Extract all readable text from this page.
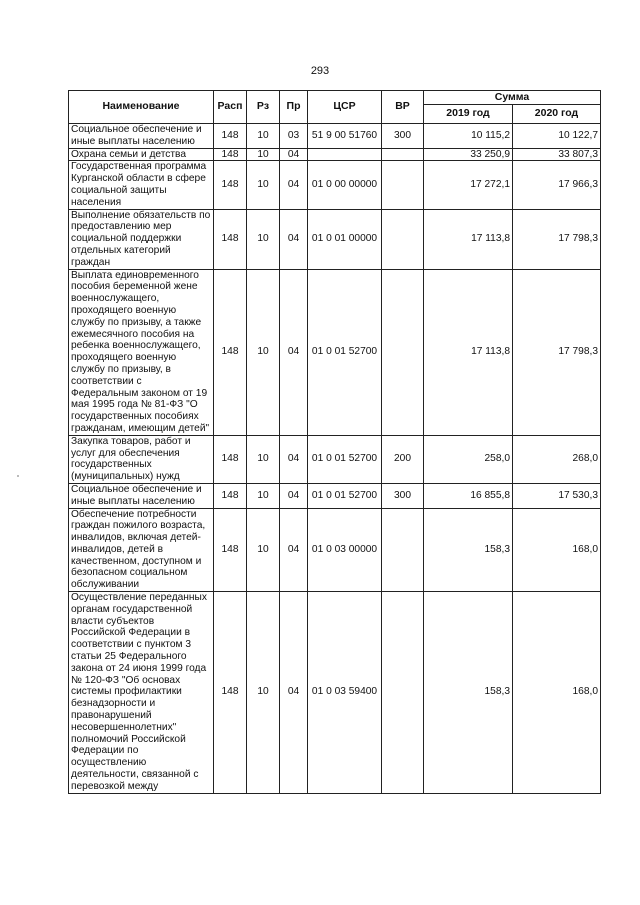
293
Наименование	Расп	Рз	Пр	ЦСР	ВР	Сумма	
						2019 год	2020 год
Социальное обеспечение и иные выплаты населению	148	10	03	51 9 00 51760	300	10 115,2	10 122,7
Охрана семьи и детства	148	10	04			33 250,9	33 807,3
Государственная программа Курганской области в сфере социальной защиты населения	148	10	04	01 0 00 00000		17 272,1	17 966,3
Выполнение обязательств по предоставлению мер социальной поддержки отдельных категорий граждан	148	10	04	01 0 01 00000		17 113,8	17 798,3
Выплата единовременного пособия беременной жене военнослужащего, проходящего военную службу по призыву, а также ежемесячного пособия на ребенка военнослужащего, проходящего военную службу по призыву, в соответствии с Федеральным законом от 19 мая 1995 года № 81-ФЗ "О государственных пособиях гражданам, имеющим детей"	148	10	04	01 0 01 52700		17 113,8	17 798,3
Закупка товаров, работ и услуг для обеспечения государственных (муниципальных) нужд	148	10	04	01 0 01 52700	200	258,0	268,0
Социальное обеспечение и иные выплаты населению	148	10	04	01 0 01 52700	300	16 855,8	17 530,3
Обеспечение потребности граждан пожилого возраста, инвалидов, включая детей-инвалидов, детей в качественном, доступном и безопасном социальном обслуживании	148	10	04	01 0 03 00000		158,3	168,0
Осуществление переданных органам государственной власти субъектов Российской Федерации в соответствии с пунктом 3 статьи 25 Федерального закона от 24 июня 1999 года № 120-ФЗ "Об основах системы профилактики безнадзорности и правонарушений несовершеннолетних" полномочий Российской Федерации по осуществлению деятельности, связанной с перевозкой между	148	10	04	01 0 03 59400		158,3	168,0
